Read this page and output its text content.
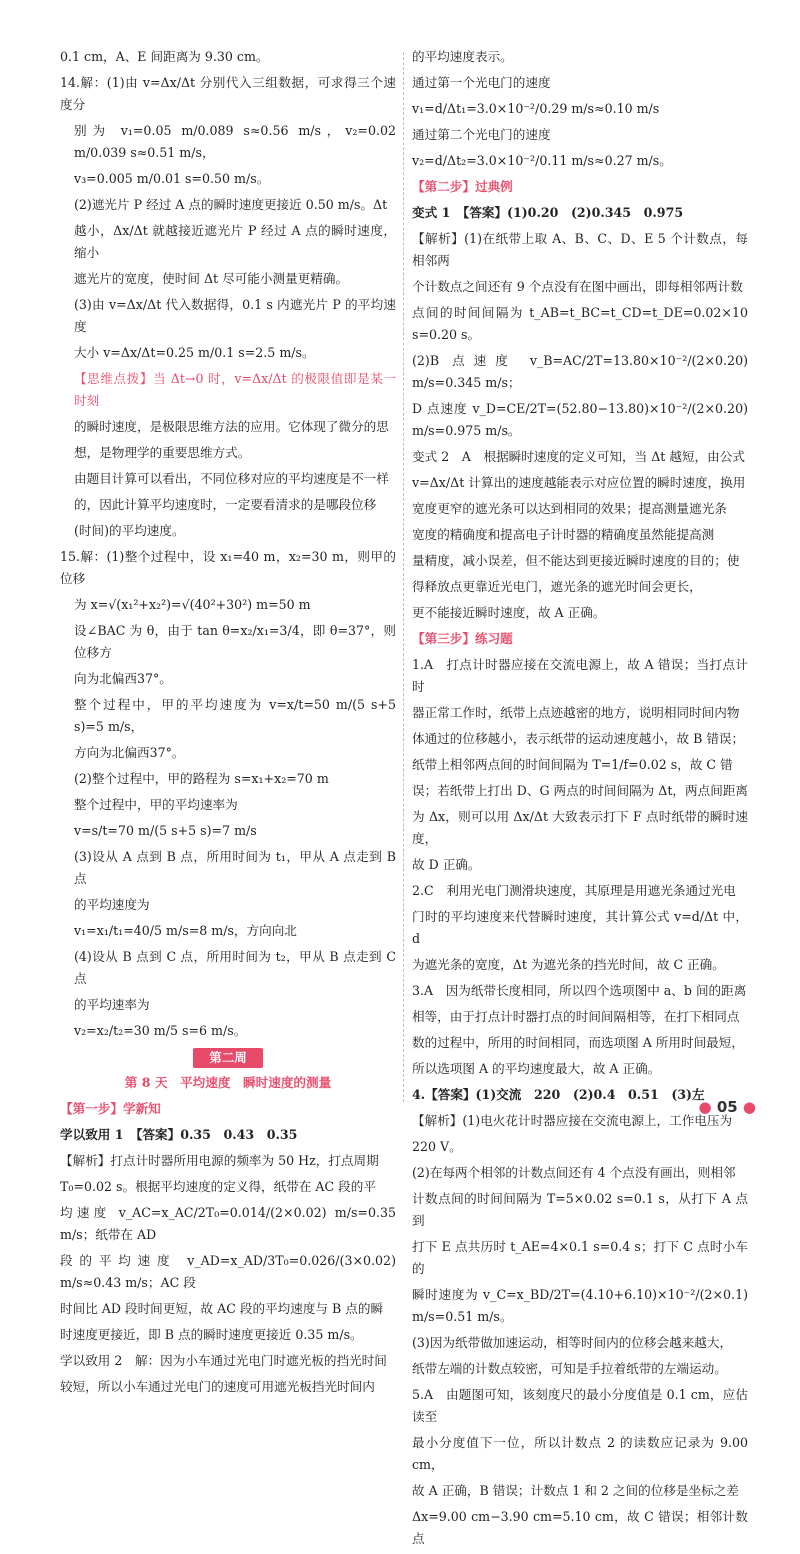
0.1 cm，A、E 间距离为 9.30 cm。

14.解：(1)由 v=Δx/Δt 分别代入三组数据，可求得三个速度分

别为 v₁=0.05 m/0.089 s≈0.56 m/s，v₂=0.02 m/0.039 s≈0.51 m/s，

v₃=0.005 m/0.01 s=0.50 m/s。

(2)遮光片 P 经过 A 点的瞬时速度更接近 0.50 m/s。Δt

越小，Δx/Δt 就越接近遮光片 P 经过 A 点的瞬时速度，缩小

遮光片的宽度，使时间 Δt 尽可能小测量更精确。

(3)由 v=Δx/Δt 代入数据得，0.1 s 内遮光片 P 的平均速度

大小 v=Δx/Δt=0.25 m/0.1 s=2.5 m/s。

【思维点拨】当 Δt→0 时，v=Δx/Δt 的极限值即是某一时刻

的瞬时速度，是极限思维方法的应用。它体现了微分的思

想，是物理学的重要思维方式。

由题目计算可以看出，不同位移对应的平均速度是不一样

的，因此计算平均速度时，一定要看清求的是哪段位移

(时间)的平均速度。

15.解：(1)整个过程中，设 x₁=40 m，x₂=30 m，则甲的位移

为 x=√(x₁²+x₂²)=√(40²+30²) m=50 m

设∠BAC 为 θ，由于 tan θ=x₂/x₁=3/4，即 θ=37°，则位移方

向为北偏西37°。

整个过程中，甲的平均速度为 v=x/t=50 m/(5 s+5 s)=5 m/s，

方向为北偏西37°。

(2)整个过程中，甲的路程为 s=x₁+x₂=70 m

整个过程中，甲的平均速率为

v=s/t=70 m/(5 s+5 s)=7 m/s

(3)设从 A 点到 B 点，所用时间为 t₁，甲从 A 点走到 B 点

的平均速度为

v₁=x₁/t₁=40/5 m/s=8 m/s，方向向北

(4)设从 B 点到 C 点，所用时间为 t₂，甲从 B 点走到 C 点

的平均速率为

v₂=x₂/t₂=30 m/5 s=6 m/s。

第二周
第 8 天　平均速度　瞬时速度的测量

【第一步】学新知

学以致用 1　【答案】0.35　0.43　0.35

【解析】打点计时器所用电源的频率为 50 Hz，打点周期

T₀=0.02 s。根据平均速度的定义得，纸带在 AC 段的平

均速度 v_AC=x_AC/2T₀=0.014/(2×0.02) m/s=0.35 m/s；纸带在 AD

段的平均速度 v_AD=x_AD/3T₀=0.026/(3×0.02) m/s≈0.43 m/s；AC 段

时间比 AD 段时间更短，故 AC 段的平均速度与 B 点的瞬

时速度更接近，即 B 点的瞬时速度更接近 0.35 m/s。

学以致用 2　解：因为小车通过光电门时遮光板的挡光时间

较短，所以小车通过光电门的速度可用遮光板挡光时间内

的平均速度表示。

通过第一个光电门的速度

v₁=d/Δt₁=3.0×10⁻²/0.29 m/s≈0.10 m/s

通过第二个光电门的速度

v₂=d/Δt₂=3.0×10⁻²/0.11 m/s≈0.27 m/s。

【第二步】过典例

变式 1　【答案】(1)0.20　(2)0.345　0.975

【解析】(1)在纸带上取 A、B、C、D、E 5 个计数点，每相邻两

个计数点之间还有 9 个点没有在图中画出，即每相邻两计数

点间的时间间隔为 t_AB=t_BC=t_CD=t_DE=0.02×10 s=0.20 s。

(2)B 点速度 v_B=AC/2T=13.80×10⁻²/(2×0.20) m/s=0.345 m/s；

D 点速度 v_D=CE/2T=(52.80−13.80)×10⁻²/(2×0.20) m/s=0.975 m/s。

变式 2　A　根据瞬时速度的定义可知，当 Δt 越短，由公式

v=Δx/Δt 计算出的速度越能表示对应位置的瞬时速度，换用

宽度更窄的遮光条可以达到相同的效果；提高测量遮光条

宽度的精确度和提高电子计时器的精确度虽然能提高测

量精度，减小误差，但不能达到更接近瞬时速度的目的；使

得释放点更靠近光电门，遮光条的遮光时间会更长，

更不能接近瞬时速度，故 A 正确。

【第三步】练习题

1.A　打点计时器应接在交流电源上，故 A 错误；当打点计时

器正常工作时，纸带上点迹越密的地方，说明相同时间内物

体通过的位移越小，表示纸带的运动速度越小，故 B 错误；

纸带上相邻两点间的时间间隔为 T=1/f=0.02 s，故 C 错

误；若纸带上打出 D、G 两点的时间间隔为 Δt，两点间距离

为 Δx，则可以用 Δx/Δt 大致表示打下 F 点时纸带的瞬时速度，

故 D 正确。

2.C　利用光电门测滑块速度，其原理是用遮光条通过光电

门时的平均速度来代替瞬时速度，其计算公式 v=d/Δt 中，d

为遮光条的宽度，Δt 为遮光条的挡光时间，故 C 正确。

3.A　因为纸带长度相同，所以四个选项图中 a、b 间的距离

相等，由于打点计时器打点的时间间隔相等，在打下相同点

数的过程中，所用的时间相同，而选项图 A 所用时间最短，

所以选项图 A 的平均速度最大，故 A 正确。

4.【答案】(1)交流　220　(2)0.4　0.51　(3)左

【解析】(1)电火花计时器应接在交流电源上，工作电压为

220 V。

(2)在每两个相邻的计数点间还有 4 个点没有画出，则相邻

计数点间的时间间隔为 T=5×0.02 s=0.1 s，从打下 A 点到

打下 E 点共历时 t_AE=4×0.1 s=0.4 s；打下 C 点时小车的

瞬时速度为 v_C=x_BD/2T=(4.10+6.10)×10⁻²/(2×0.1) m/s=0.51 m/s。

(3)因为纸带做加速运动，相等时间内的位移会越来越大，

纸带左端的计数点较密，可知是手拉着纸带的左端运动。

5.A　由题图可知，该刻度尺的最小分度值是 0.1 cm，应估读至

最小分度值下一位，所以计数点 2 的读数应记录为 9.00 cm，

故 A 正确，B 错误；计数点 1 和 2 之间的位移是坐标之差

Δx=9.00 cm−3.90 cm=5.10 cm，故 C 错误；相邻计数点

● 05 ●
